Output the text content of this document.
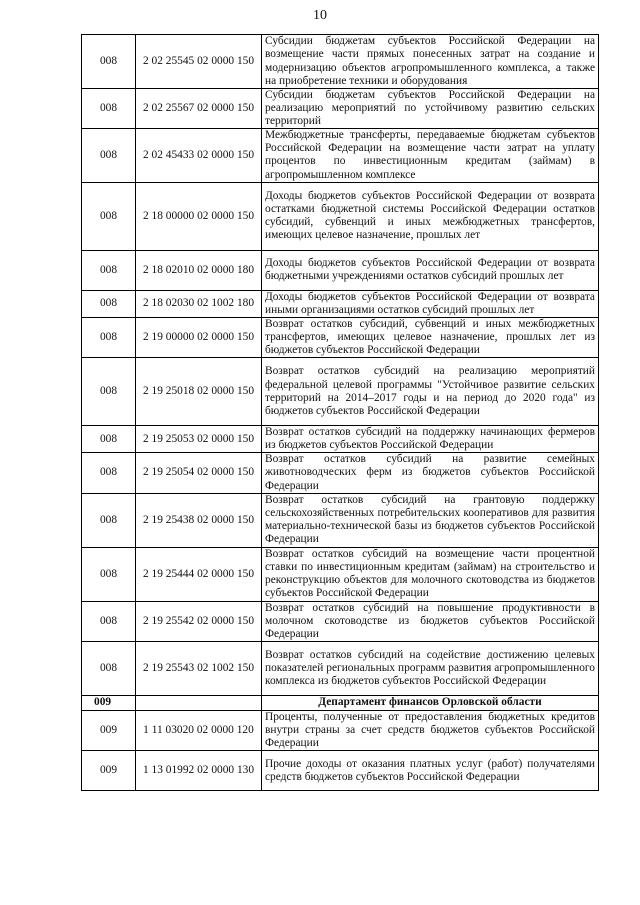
10
008	2 02 25545 02 0000 150	Субсидии бюджетам субъектов Российской Федерации на возмещение части прямых понесенных затрат на создание и модернизацию объектов агропромышленного комплекса, а также на приобретение техники и оборудования
008	2 02 25567 02 0000 150	Субсидии бюджетам субъектов Российской Федерации на реализацию мероприятий по устойчивому развитию сельских территорий
008	2 02 45433 02 0000 150	Межбюджетные трансферты, передаваемые бюджетам субъектов Российской Федерации на возмещение части затрат на уплату процентов по инвестиционным кредитам (займам) в агропромышленном комплексе
008	2 18 00000 02 0000 150	Доходы бюджетов субъектов Российской Федерации от возврата остатками бюджетной системы Российской Федерации остатков субсидий, субвенций и иных межбюджетных трансфертов, имеющих целевое назначение, прошлых лет
008	2 18 02010 02 0000 180	Доходы бюджетов субъектов Российской Федерации от возврата бюджетными учреждениями остатков субсидий прошлых лет
008	2 18 02030 02 1002 180	Доходы бюджетов субъектов Российской Федерации от возврата иными организациями остатков субсидий прошлых лет
008	2 19 00000 02 0000 150	Возврат остатков субсидий, субвенций и иных межбюджетных трансфертов, имеющих целевое назначение, прошлых лет из бюджетов субъектов Российской Федерации
008	2 19 25018 02 0000 150	Возврат остатков субсидий на реализацию мероприятий федеральной целевой программы "Устойчивое развитие сельских территорий на 2014–2017 годы и на период до 2020 года" из бюджетов субъектов Российской Федерации
008	2 19 25053 02 0000 150	Возврат остатков субсидий на поддержку начинающих фермеров из бюджетов субъектов Российской Федерации
008	2 19 25054 02 0000 150	Возврат остатков субсидий на развитие семейных животноводческих ферм из бюджетов субъектов Российской Федерации
008	2 19 25438 02 0000 150	Возврат остатков субсидий на грантовую поддержку сельскохозяйственных потребительских кооперативов для развития материально-технической базы из бюджетов субъектов Российской Федерации
008	2 19 25444 02 0000 150	Возврат остатков субсидий на возмещение части процентной ставки по инвестиционным кредитам (займам) на строительство и реконструкцию объектов для молочного скотоводства из бюджетов субъектов Российской Федерации
008	2 19 25542 02 0000 150	Возврат остатков субсидий на повышение продуктивности в молочном скотоводстве из бюджетов субъектов Российской Федерации
008	2 19 25543 02 1002 150	Возврат остатков субсидий на содействие достижению целевых показателей региональных программ развития агропромышленного комплекса из бюджетов субъектов Российской Федерации
009		Департамент финансов Орловской области
009	1 11 03020 02 0000 120	Проценты, полученные от предоставления бюджетных кредитов внутри страны за счет средств бюджетов субъектов Российской Федерации
009	1 13 01992 02 0000 130	Прочие доходы от оказания платных услуг (работ) получателями средств бюджетов субъектов Российской Федерации
